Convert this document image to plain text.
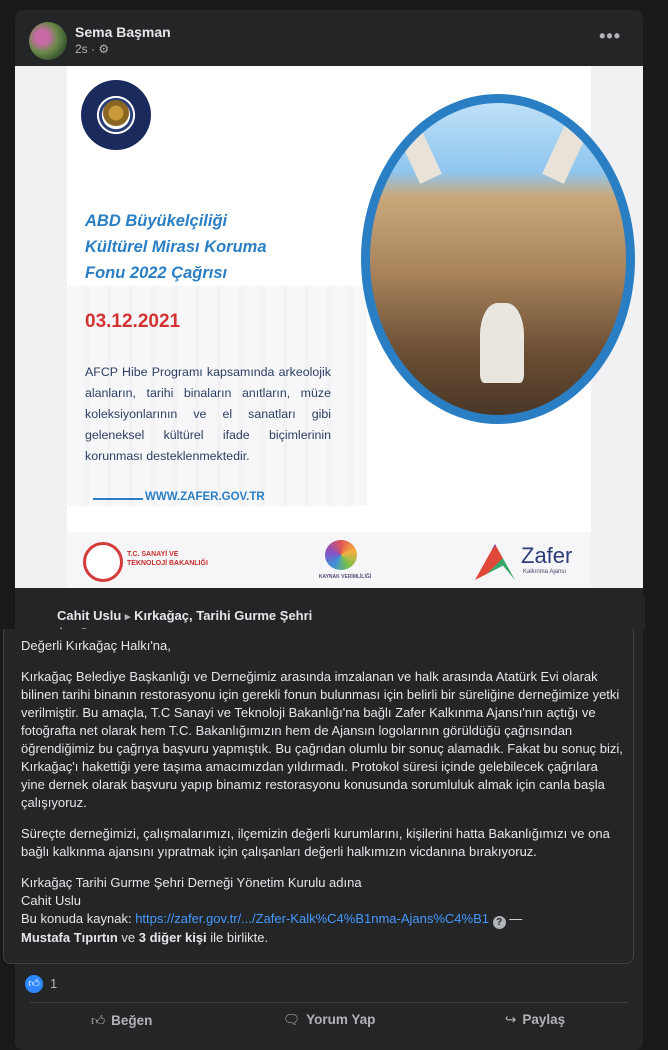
Sema Başman
2s · ⚙
•••
ABD Büyükelçiliği
Kültürel Mirası Koruma
Fonu 2022 Çağrısı
03.12.2021
AFCP Hibe Programı kapsamında arkeolojik alanların, tarihi binaların anıtların, müze koleksiyonlarının ve el sanatları gibi geleneksel kültürel ifade biçimlerinin korunması desteklenmektedir.
WWW.ZAFER.GOV.TR
T.C. SANAYİ VE TEKNOLOJİ BAKANLIĞI
KAYNAK VERİMLİLİĞİ
Zafer
Kalkınma Ajansı
Cahit Uslu ▸ Kırkağaç, Tarihi Gurme Şehri

Değerli Kırkağaç Halkı'na,

Kırkağaç Belediye Başkanlığı ve Derneğimiz arasında imzalanan ve halk arasında Atatürk Evi olarak bilinen tarihi binanın restorasyonu için gerekli fonun bulunması için belirli bir süreliğine derneğimize yetki verilmiştir. Bu amaçla, T.C Sanayi ve Teknoloji Bakanlığı'na bağlı Zafer Kalkınma Ajansı'nın açtığı ve fotoğrafta net olarak hem T.C. Bakanlığımızın hem de Ajansın logolarının görüldüğü çağrısından öğrendiğimiz bu çağrıya başvuru yapmıştık. Bu çağrıdan olumlu bir sonuç alamadık. Fakat bu sonuç bizi, Kırkağaç'ı hakettiği yere taşıma amacımızdan yıldırmadı. Protokol süresi içinde gelebilecek çağrılara yine dernek olarak başvuru yapıp binamız restorasyonu konusunda sorumluluk almak için canla başla çalışıyoruz.

Süreçte derneğimizi, çalışmalarımızı, ilçemizin değerli kurumlarını, kişilerini hatta Bakanlığımızı ve ona bağlı kalkınma ajansını yıpratmak için çalışanları değerli halkımızın vicdanına bırakıyoruz.

Kırkağaç Tarihi Gurme Şehri Derneği Yönetim Kurulu adına
Cahit Uslu
Bu konuda kaynak: https://zafer.gov.tr/.../Zafer-Kalk%C4%B1nma-Ajans%C4%B1 ? —
Mustafa Tıpırtın ve 3 diğer kişi ile birlikte.
👍︎ 1
👍︎ Beğen	🗨︎ Yorum Yap	↪ Paylaş
